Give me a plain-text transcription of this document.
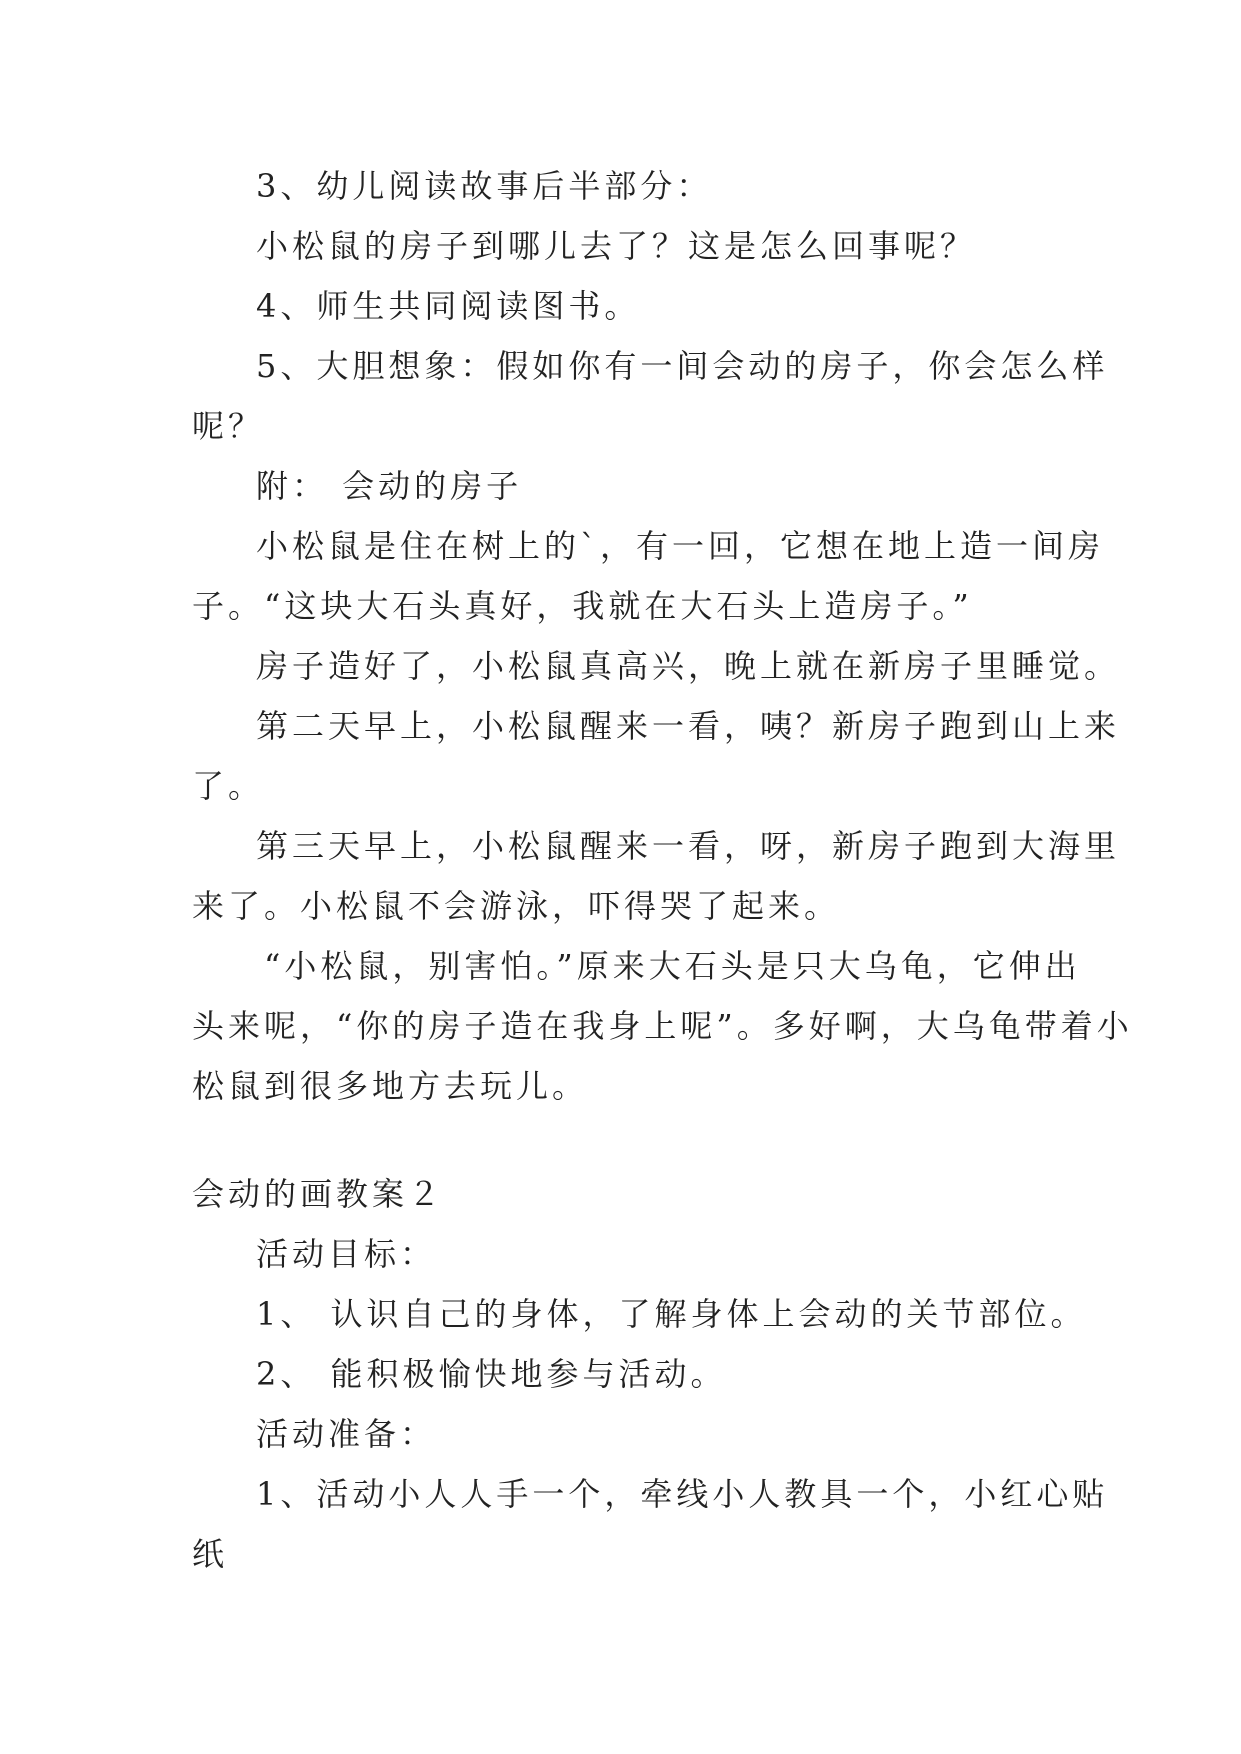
3、幼儿阅读故事后半部分：
小松鼠的房子到哪儿去了？这是怎么回事呢？
4、师生共同阅读图书。
5、大胆想象：假如你有一间会动的房子，你会怎么样
呢？
附： 会动的房子
小松鼠是住在树上的`，有一回，它想在地上造一间房
子。“这块大石头真好，我就在大石头上造房子。”
房子造好了，小松鼠真高兴，晚上就在新房子里睡觉。
第二天早上，小松鼠醒来一看，咦？新房子跑到山上来
了。
第三天早上，小松鼠醒来一看，呀，新房子跑到大海里
来了。小松鼠不会游泳，吓得哭了起来。
“小松鼠，别害怕。”原来大石头是只大乌龟，它伸出
头来呢，“你的房子造在我身上呢”。多好啊，大乌龟带着小
松鼠到很多地方去玩儿。
会动的画教案２
活动目标：
1、 认识自己的身体，了解身体上会动的关节部位。
2、 能积极愉快地参与活动。
活动准备：
1、活动小人人手一个，牵线小人教具一个，小红心贴
纸
